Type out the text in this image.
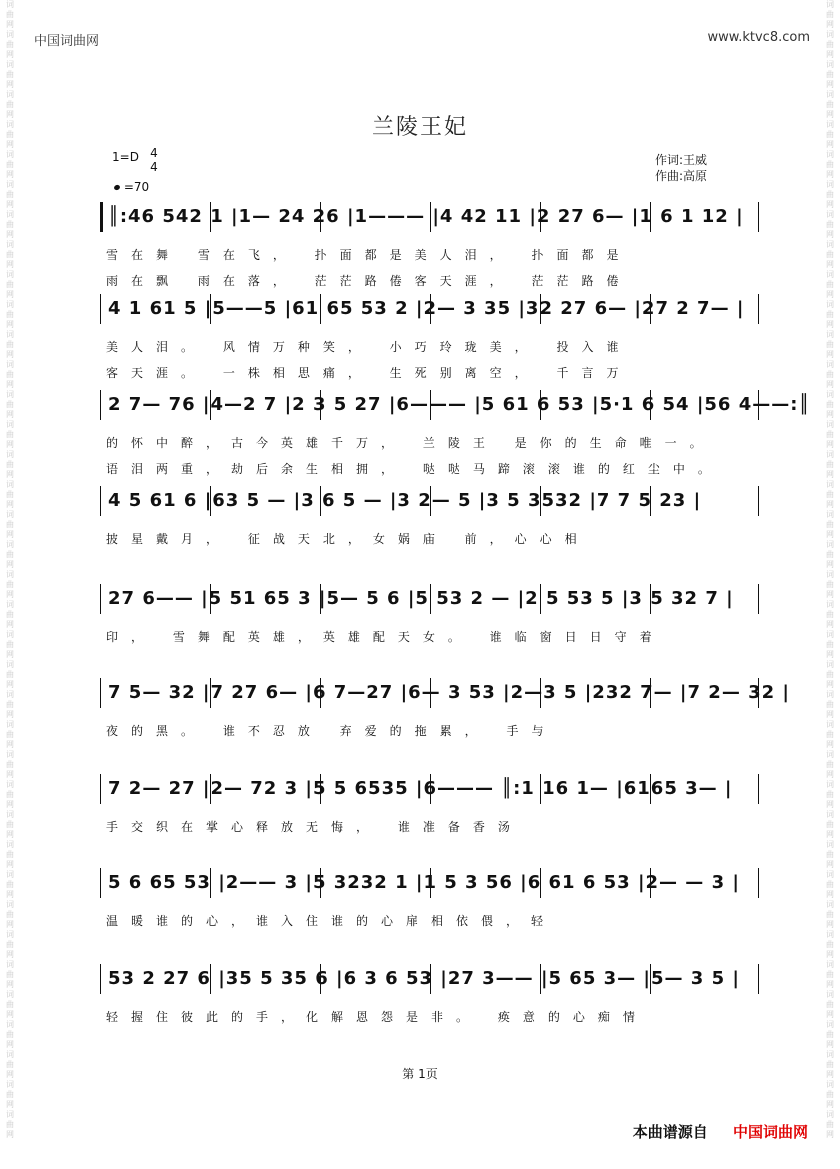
词曲网词曲网词曲网词曲网词曲网词曲网词曲网词曲网词曲网词曲网词曲网词曲网词曲网词曲网词曲网词曲网词曲网词曲网词曲网词曲网词曲网词曲网词曲网词曲网词曲网词曲网词曲网词曲网词曲网词曲网词曲网词曲网词曲网词曲网词曲网词曲网词曲网词曲网
词曲网词曲网词曲网词曲网词曲网词曲网词曲网词曲网词曲网词曲网词曲网词曲网词曲网词曲网词曲网词曲网词曲网词曲网词曲网词曲网词曲网词曲网词曲网词曲网词曲网词曲网词曲网词曲网词曲网词曲网词曲网词曲网词曲网词曲网词曲网词曲网词曲网词曲网
中国词曲网	www.ktvc8.com
兰陵王妃
1=D 4
4
=70
作词:王威
作曲:高原
║:46 542 1 |1— 24 26 |1——— |4 42 11 |2 27 6— |1 6 1 12 |
雪在舞 雪在飞， 扑面都是美人泪， 扑面都是
雨在飘 雨在落， 茫茫路倦客天涯， 茫茫路倦
4 1 61 5 |5——5 |61 65 53 2 |2— 3 35 |32 27 6— |27 2 7— |
美人泪。 风情万种笑， 小巧玲珑美， 投入谁
客天涯。 一株相思痛， 生死别离空， 千言万
2 7— 76 |4—2 7 |2 3 5 27 |6——— |5 61 6 53 |5·1 6 54 |56 4——:║
的怀中醉，古今英雄千万， 兰陵王 是你的生命唯一。
语泪两重，劫后余生相拥， 哒哒马蹄滚滚谁的红尘中。
4 5 61 6 |63 5 — |3 6 5 — |3 2— 5 |3 5 3532 |7 7 5 23 |
披星戴月， 征战天北，女娲庙 前，心心相
27 6—— |5 51 65 3 |5— 5 6 |5 53 2 — |2 5 53 5 |3 5 32 7 |
印， 雪舞配英雄，英雄配天女。 谁临窗日日守着
7 5— 32 |7 27 6— |6 7—27 |6— 3 53 |2—3 5 |232 7— |7 2— 32 |
夜的黑。 谁不忍放 弃爱的拖累， 手与
7 2— 27 |2— 72 3 |5 5 6535 |6——— ║:1 16 1— |6165 3— |
手交织在掌心释放无悔， 谁准备香汤
5 6 65 53 |2—— 3 |5 3232 1 |1 5 3 56 |6 61 6 53 |2— — 3 |
温暖谁的心，谁入住谁的心扉相依偎，轻
53 2 27 6 |35 5 35 6 |6 3 6 53 |27 3—— |5 65 3— |5— 3 5 |
轻握住彼此的手，化解恩怨是非。 痪意的心痴情
第 1页
本曲谱源自 中国词曲网
